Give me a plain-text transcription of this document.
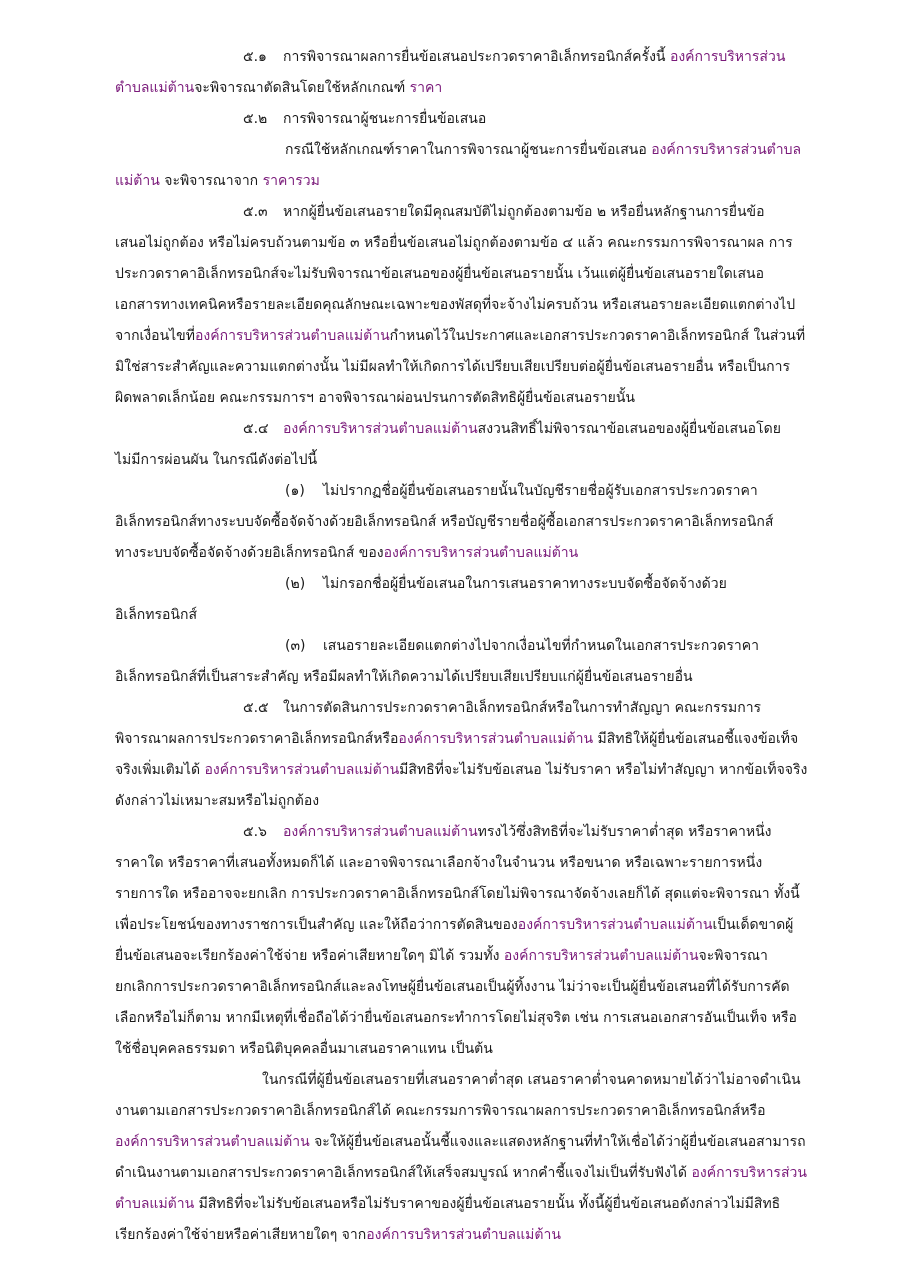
๕.๑ การพิจารณาผลการยื่นข้อเสนอประกวดราคาอิเล็กทรอนิกส์ครั้งนี้ องค์การบริหารส่วน
ตำบลแม่ต้านจะพิจารณาตัดสินโดยใช้หลักเกณฑ์ ราคา
๕.๒ การพิจารณาผู้ชนะการยื่นข้อเสนอ
กรณีใช้หลักเกณฑ์ราคาในการพิจารณาผู้ชนะการยื่นข้อเสนอ องค์การบริหารส่วนตำบล
แม่ต้าน จะพิจารณาจาก ราคารวม
๕.๓ หากผู้ยื่นข้อเสนอรายใดมีคุณสมบัติไม่ถูกต้องตามข้อ ๒ หรือยื่นหลักฐานการยื่นข้อ
เสนอไม่ถูกต้อง หรือไม่ครบถ้วนตามข้อ ๓ หรือยื่นข้อเสนอไม่ถูกต้องตามข้อ ๔ แล้ว คณะกรรมการพิจารณาผล การ
ประกวดราคาอิเล็กทรอนิกส์จะไม่รับพิจารณาข้อเสนอของผู้ยื่นข้อเสนอรายนั้น เว้นแต่ผู้ยื่นข้อเสนอรายใดเสนอ
เอกสารทางเทคนิคหรือรายละเอียดคุณลักษณะเฉพาะของพัสดุที่จะจ้างไม่ครบถ้วน หรือเสนอรายละเอียดแตกต่างไป
จากเงื่อนไขที่องค์การบริหารส่วนตำบลแม่ต้านกำหนดไว้ในประกาศและเอกสารประกวดราคาอิเล็กทรอนิกส์ ในส่วนที่
มิใช่สาระสำคัญและความแตกต่างนั้น ไม่มีผลทำให้เกิดการได้เปรียบเสียเปรียบต่อผู้ยื่นข้อเสนอรายอื่น หรือเป็นการ
ผิดพลาดเล็กน้อย คณะกรรมการฯ อาจพิจารณาผ่อนปรนการตัดสิทธิผู้ยื่นข้อเสนอรายนั้น
๕.๔ องค์การบริหารส่วนตำบลแม่ต้านสงวนสิทธิ์ไม่พิจารณาข้อเสนอของผู้ยื่นข้อเสนอโดย
ไม่มีการผ่อนผัน ในกรณีดังต่อไปนี้
(๑) ไม่ปรากฏชื่อผู้ยื่นข้อเสนอรายนั้นในบัญชีรายชื่อผู้รับเอกสารประกวดราคา
อิเล็กทรอนิกส์ทางระบบจัดซื้อจัดจ้างด้วยอิเล็กทรอนิกส์ หรือบัญชีรายชื่อผู้ซื้อเอกสารประกวดราคาอิเล็กทรอนิกส์
ทางระบบจัดซื้อจัดจ้างด้วยอิเล็กทรอนิกส์ ขององค์การบริหารส่วนตำบลแม่ต้าน
(๒) ไม่กรอกชื่อผู้ยื่นข้อเสนอในการเสนอราคาทางระบบจัดซื้อจัดจ้างด้วย
อิเล็กทรอนิกส์
(๓) เสนอรายละเอียดแตกต่างไปจากเงื่อนไขที่กำหนดในเอกสารประกวดราคา
อิเล็กทรอนิกส์ที่เป็นสาระสำคัญ หรือมีผลทำให้เกิดความได้เปรียบเสียเปรียบแก่ผู้ยื่นข้อเสนอรายอื่น
๕.๕ ในการตัดสินการประกวดราคาอิเล็กทรอนิกส์หรือในการทำสัญญา คณะกรรมการ
พิจารณาผลการประกวดราคาอิเล็กทรอนิกส์หรือองค์การบริหารส่วนตำบลแม่ต้าน มีสิทธิให้ผู้ยื่นข้อเสนอชี้แจงข้อเท็จ
จริงเพิ่มเติมได้ องค์การบริหารส่วนตำบลแม่ต้านมีสิทธิที่จะไม่รับข้อเสนอ ไม่รับราคา หรือไม่ทำสัญญา หากข้อเท็จจริง
ดังกล่าวไม่เหมาะสมหรือไม่ถูกต้อง
๕.๖ องค์การบริหารส่วนตำบลแม่ต้านทรงไว้ซึ่งสิทธิที่จะไม่รับราคาต่ำสุด หรือราคาหนึ่ง
ราคาใด หรือราคาที่เสนอทั้งหมดก็ได้ และอาจพิจารณาเลือกจ้างในจำนวน หรือขนาด หรือเฉพาะรายการหนึ่ง
รายการใด หรืออาจจะยกเลิก การประกวดราคาอิเล็กทรอนิกส์โดยไม่พิจารณาจัดจ้างเลยก็ได้ สุดแต่จะพิจารณา ทั้งนี้
เพื่อประโยชน์ของทางราชการเป็นสำคัญ และให้ถือว่าการตัดสินขององค์การบริหารส่วนตำบลแม่ต้านเป็นเด็ดขาดผู้
ยื่นข้อเสนอจะเรียกร้องค่าใช้จ่าย หรือค่าเสียหายใดๆ มิได้ รวมทั้ง องค์การบริหารส่วนตำบลแม่ต้านจะพิจารณา
ยกเลิกการประกวดราคาอิเล็กทรอนิกส์และลงโทษผู้ยื่นข้อเสนอเป็นผู้ทิ้งงาน ไม่ว่าจะเป็นผู้ยื่นข้อเสนอที่ได้รับการคัด
เลือกหรือไม่ก็ตาม หากมีเหตุที่เชื่อถือได้ว่ายื่นข้อเสนอกระทำการโดยไม่สุจริต เช่น การเสนอเอกสารอันเป็นเท็จ หรือ
ใช้ชื่อบุคคลธรรมดา หรือนิติบุคคลอื่นมาเสนอราคาแทน เป็นต้น
ในกรณีที่ผู้ยื่นข้อเสนอรายที่เสนอราคาต่ำสุด เสนอราคาต่ำจนคาดหมายได้ว่าไม่อาจดำเนิน
งานตามเอกสารประกวดราคาอิเล็กทรอนิกส์ได้ คณะกรรมการพิจารณาผลการประกวดราคาอิเล็กทรอนิกส์หรือ
องค์การบริหารส่วนตำบลแม่ต้าน จะให้ผู้ยื่นข้อเสนอนั้นชี้แจงและแสดงหลักฐานที่ทำให้เชื่อได้ว่าผู้ยื่นข้อเสนอสามารถ
ดำเนินงานตามเอกสารประกวดราคาอิเล็กทรอนิกส์ให้เสร็จสมบูรณ์ หากคำชี้แจงไม่เป็นที่รับฟังได้ องค์การบริหารส่วน
ตำบลแม่ต้าน มีสิทธิที่จะไม่รับข้อเสนอหรือไม่รับราคาของผู้ยื่นข้อเสนอรายนั้น ทั้งนี้ผู้ยื่นข้อเสนอดังกล่าวไม่มีสิทธิ
เรียกร้องค่าใช้จ่ายหรือค่าเสียหายใดๆ จากองค์การบริหารส่วนตำบลแม่ต้าน
